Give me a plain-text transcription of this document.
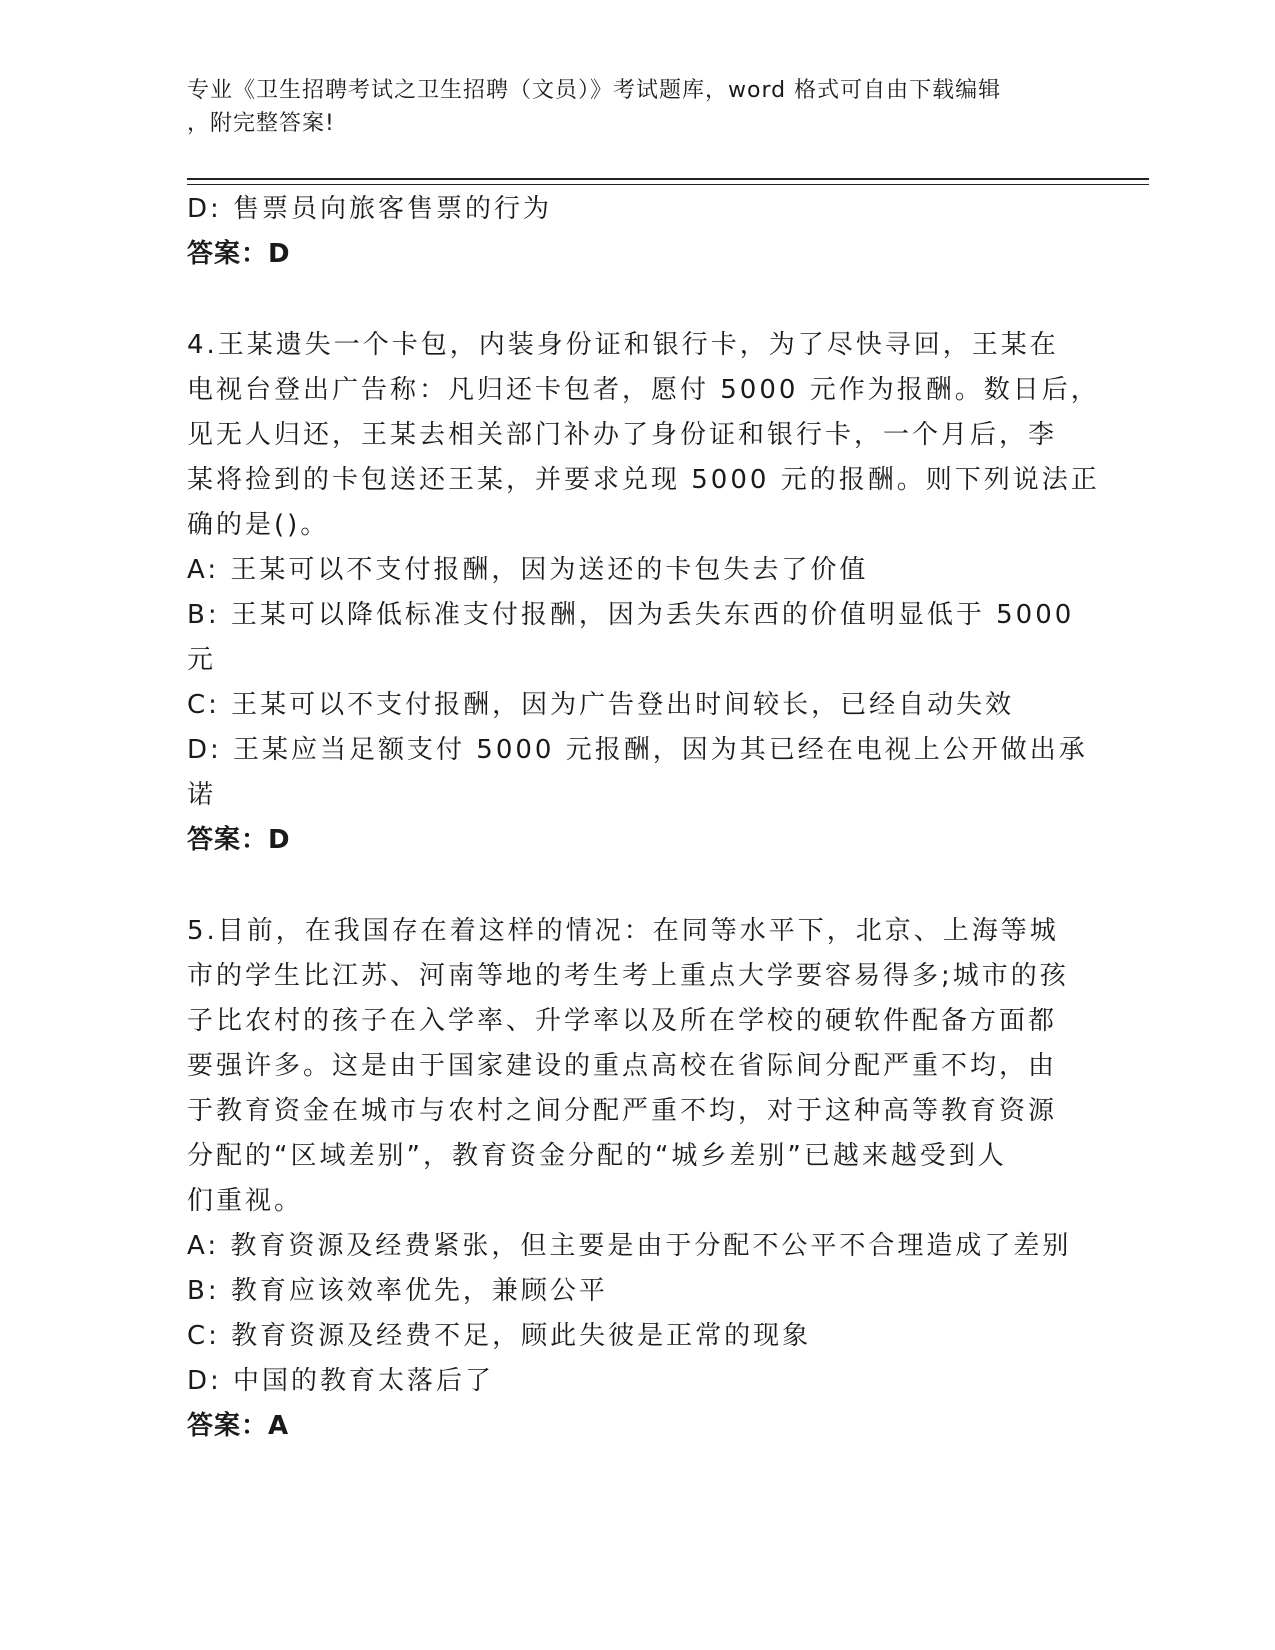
专业《卫生招聘考试之卫生招聘（文员）》考试题库，word 格式可自由下载编辑

，附完整答案!

D: 售票员向旅客售票的行为

答案：D

4.王某遗失一个卡包，内装身份证和银行卡，为了尽快寻回，王某在

电视台登出广告称：凡归还卡包者，愿付 5000 元作为报酬。数日后，

见无人归还，王某去相关部门补办了身份证和银行卡，一个月后，李

某将捡到的卡包送还王某，并要求兑现 5000 元的报酬。则下列说法正

确的是()。

A: 王某可以不支付报酬，因为送还的卡包失去了价值

B: 王某可以降低标准支付报酬，因为丢失东西的价值明显低于 5000

元

C: 王某可以不支付报酬，因为广告登出时间较长，已经自动失效

D: 王某应当足额支付 5000 元报酬，因为其已经在电视上公开做出承

诺

答案：D

5.目前，在我国存在着这样的情况：在同等水平下，北京、上海等城

市的学生比江苏、河南等地的考生考上重点大学要容易得多;城市的孩

子比农村的孩子在入学率、升学率以及所在学校的硬软件配备方面都

要强许多。这是由于国家建设的重点高校在省际间分配严重不均，由

于教育资金在城市与农村之间分配严重不均，对于这种高等教育资源

分配的“区域差别”，教育资金分配的“城乡差别”已越来越受到人

们重视。

A: 教育资源及经费紧张，但主要是由于分配不公平不合理造成了差别

B: 教育应该效率优先，兼顾公平

C: 教育资源及经费不足，顾此失彼是正常的现象

D: 中国的教育太落后了

答案：A
